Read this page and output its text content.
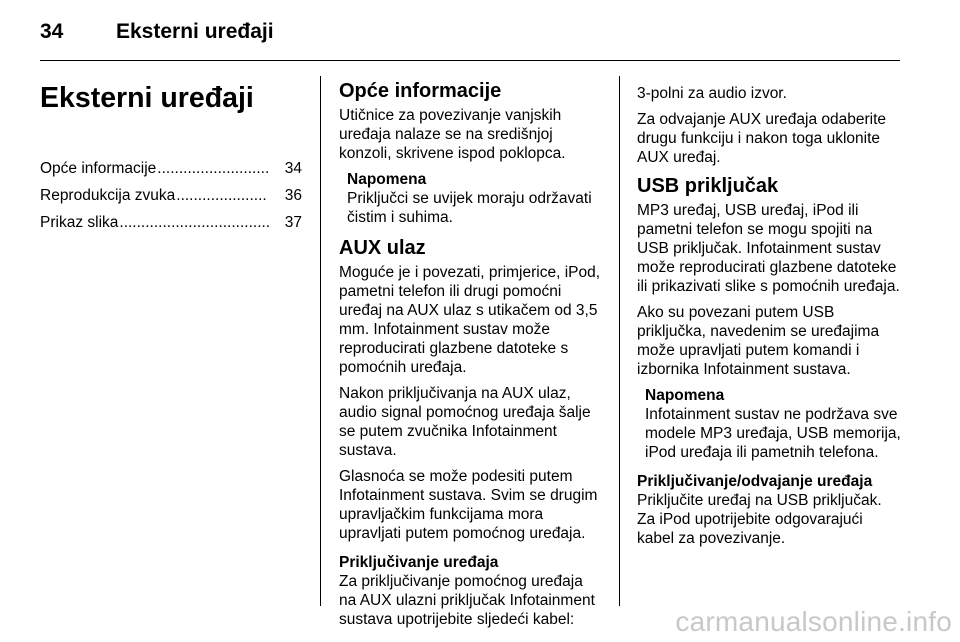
34	Eksterni uređaji
Eksterni uređaji
Opće informacije .......................... 34
Reprodukcija zvuka .....................	36
Prikaz slika ................................... 37
Opće informacije
Utičnice za povezivanje vanjskih uređaja nalaze se na središnjoj konzoli, skrivene ispod poklopca.
Napomena
Priključci se uvijek moraju održavati čistim i suhima.
AUX ulaz
Moguće je i povezati, primjerice, iPod, pametni telefon ili drugi pomoćni uređaj na AUX ulaz s utikačem od 3,5 mm. Infotainment sustav može reproducirati glazbene datoteke s pomoćnih uređaja.
Nakon priključivanja na AUX ulaz, audio signal pomoćnog uređaja šalje se putem zvučnika Infotainment sustava.
Glasnoća se može podesiti putem Infotainment sustava. Svim se drugim upravljačkim funkcijama mora upravljati putem pomoćnog uređaja.
Priključivanje uređaja
Za priključivanje pomoćnog uređaja na AUX ulazni priključak Infotainment sustava upotrijebite sljedeći kabel:
3-polni za audio izvor.
Za odvajanje AUX uređaja odaberite drugu funkciju i nakon toga uklonite AUX uređaj.
USB priključak
MP3 uređaj, USB uređaj, iPod ili pametni telefon se mogu spojiti na USB priključak. Infotainment sustav može reproducirati glazbene datoteke ili prikazivati slike s pomoćnih uređaja.
Ako su povezani putem USB priključka, navedenim se uređajima može upravljati putem komandi i izbornika Infotainment sustava.
Napomena
Infotainment sustav ne podržava sve modele MP3 uređaja, USB memorija, iPod uređaja ili pametnih telefona.
Priključivanje/odvajanje uređaja
Priključite uređaj na USB priključak. Za iPod upotrijebite odgovarajući kabel za povezivanje.
carmanualsonline.info
